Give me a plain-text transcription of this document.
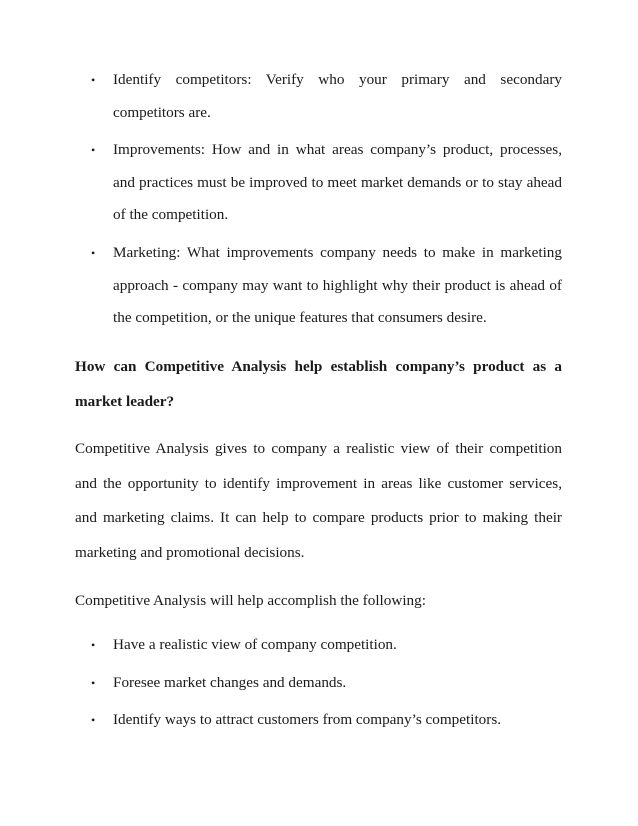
• Identify competitors: Verify who your primary and secondary competitors are.
• Improvements: How and in what areas company’s product, processes, and practices must be improved to meet market demands or to stay ahead of the competition.
• Marketing: What improvements company needs to make in marketing approach - company may want to highlight why their product is ahead of the competition, or the unique features that consumers desire.

How can Competitive Analysis help establish company’s product as a market leader?

Competitive Analysis gives to company a realistic view of their competition and the opportunity to identify improvement in areas like customer services, and marketing claims. It can help to compare products prior to making their marketing and promotional decisions.

Competitive Analysis will help accomplish the following:

• Have a realistic view of company competition.
• Foresee market changes and demands.
• Identify ways to attract customers from company’s competitors.
